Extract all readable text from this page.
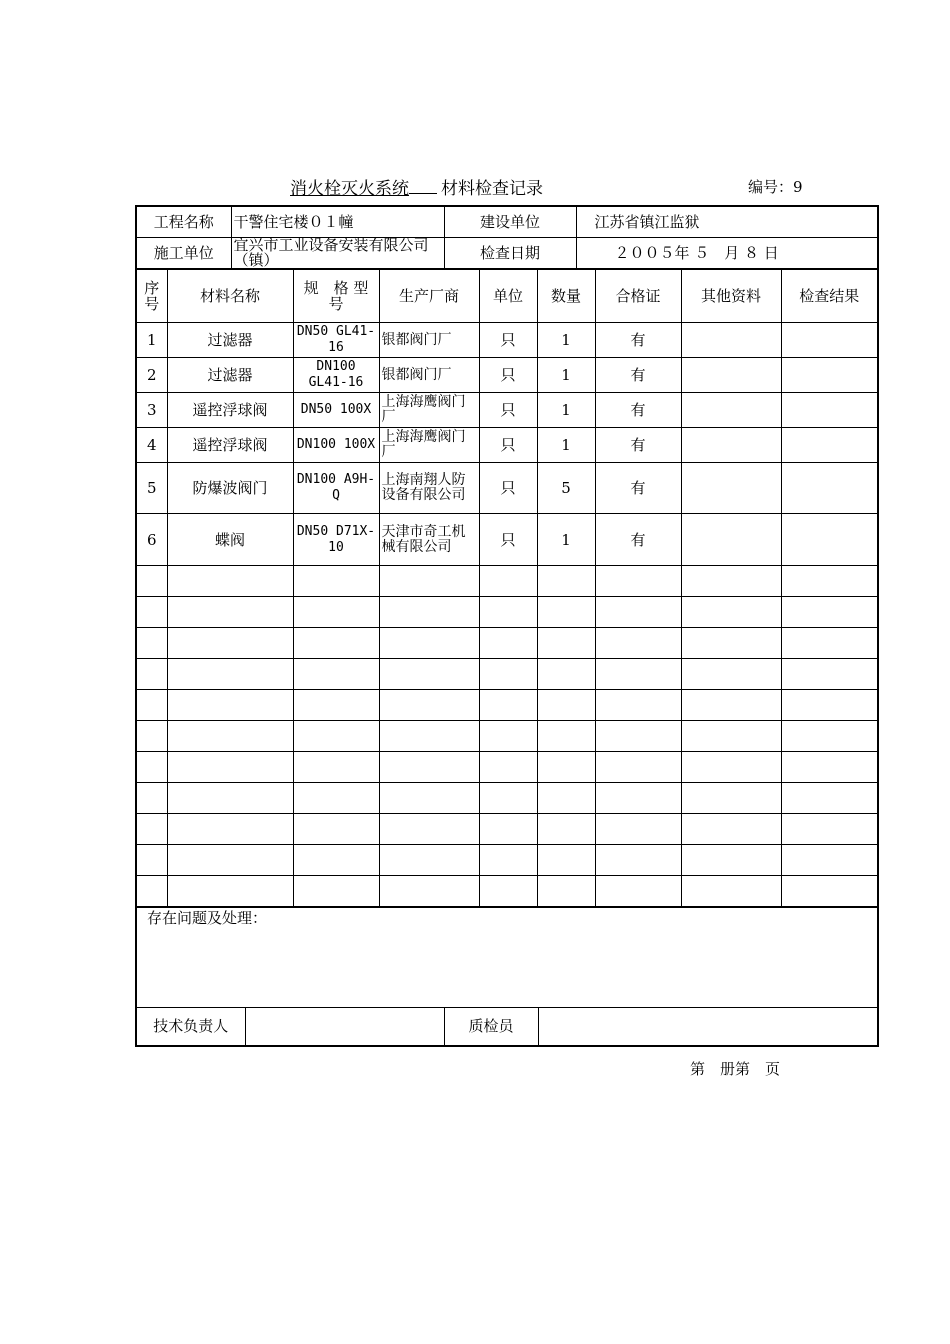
消火栓灭火系统 材料检查记录	编号：9
工程名称	干警住宅楼０１幢	建设单位	江苏省镇江监狱
施工单位	宜兴市工业设备安装有限公司（镇）	检查日期	２００５年 ５　月 ８ 日
序号	材料名称	规　格 型　号	生产厂商	单位	数量	合格证	其他资料	检查结果
1	过滤器	DN50 GL41-16	银都阀门厂	只	1	有		
2	过滤器	DN100 GL41-16	银都阀门厂	只	1	有		
3	遥控浮球阀	DN50 100X	上海海鹰阀门厂	只	1	有		
4	遥控浮球阀	DN100 100X	上海海鹰阀门厂	只	1	有		
5	防爆波阀门	DN100 A9H-Q	上海南翔人防设备有限公司	只	5	有		
6	蝶阀	DN50 D71X-10	天津市奇工机械有限公司	只	1	有		

存在问题及处理：
技术负责人		质检员	
第　册第　页
